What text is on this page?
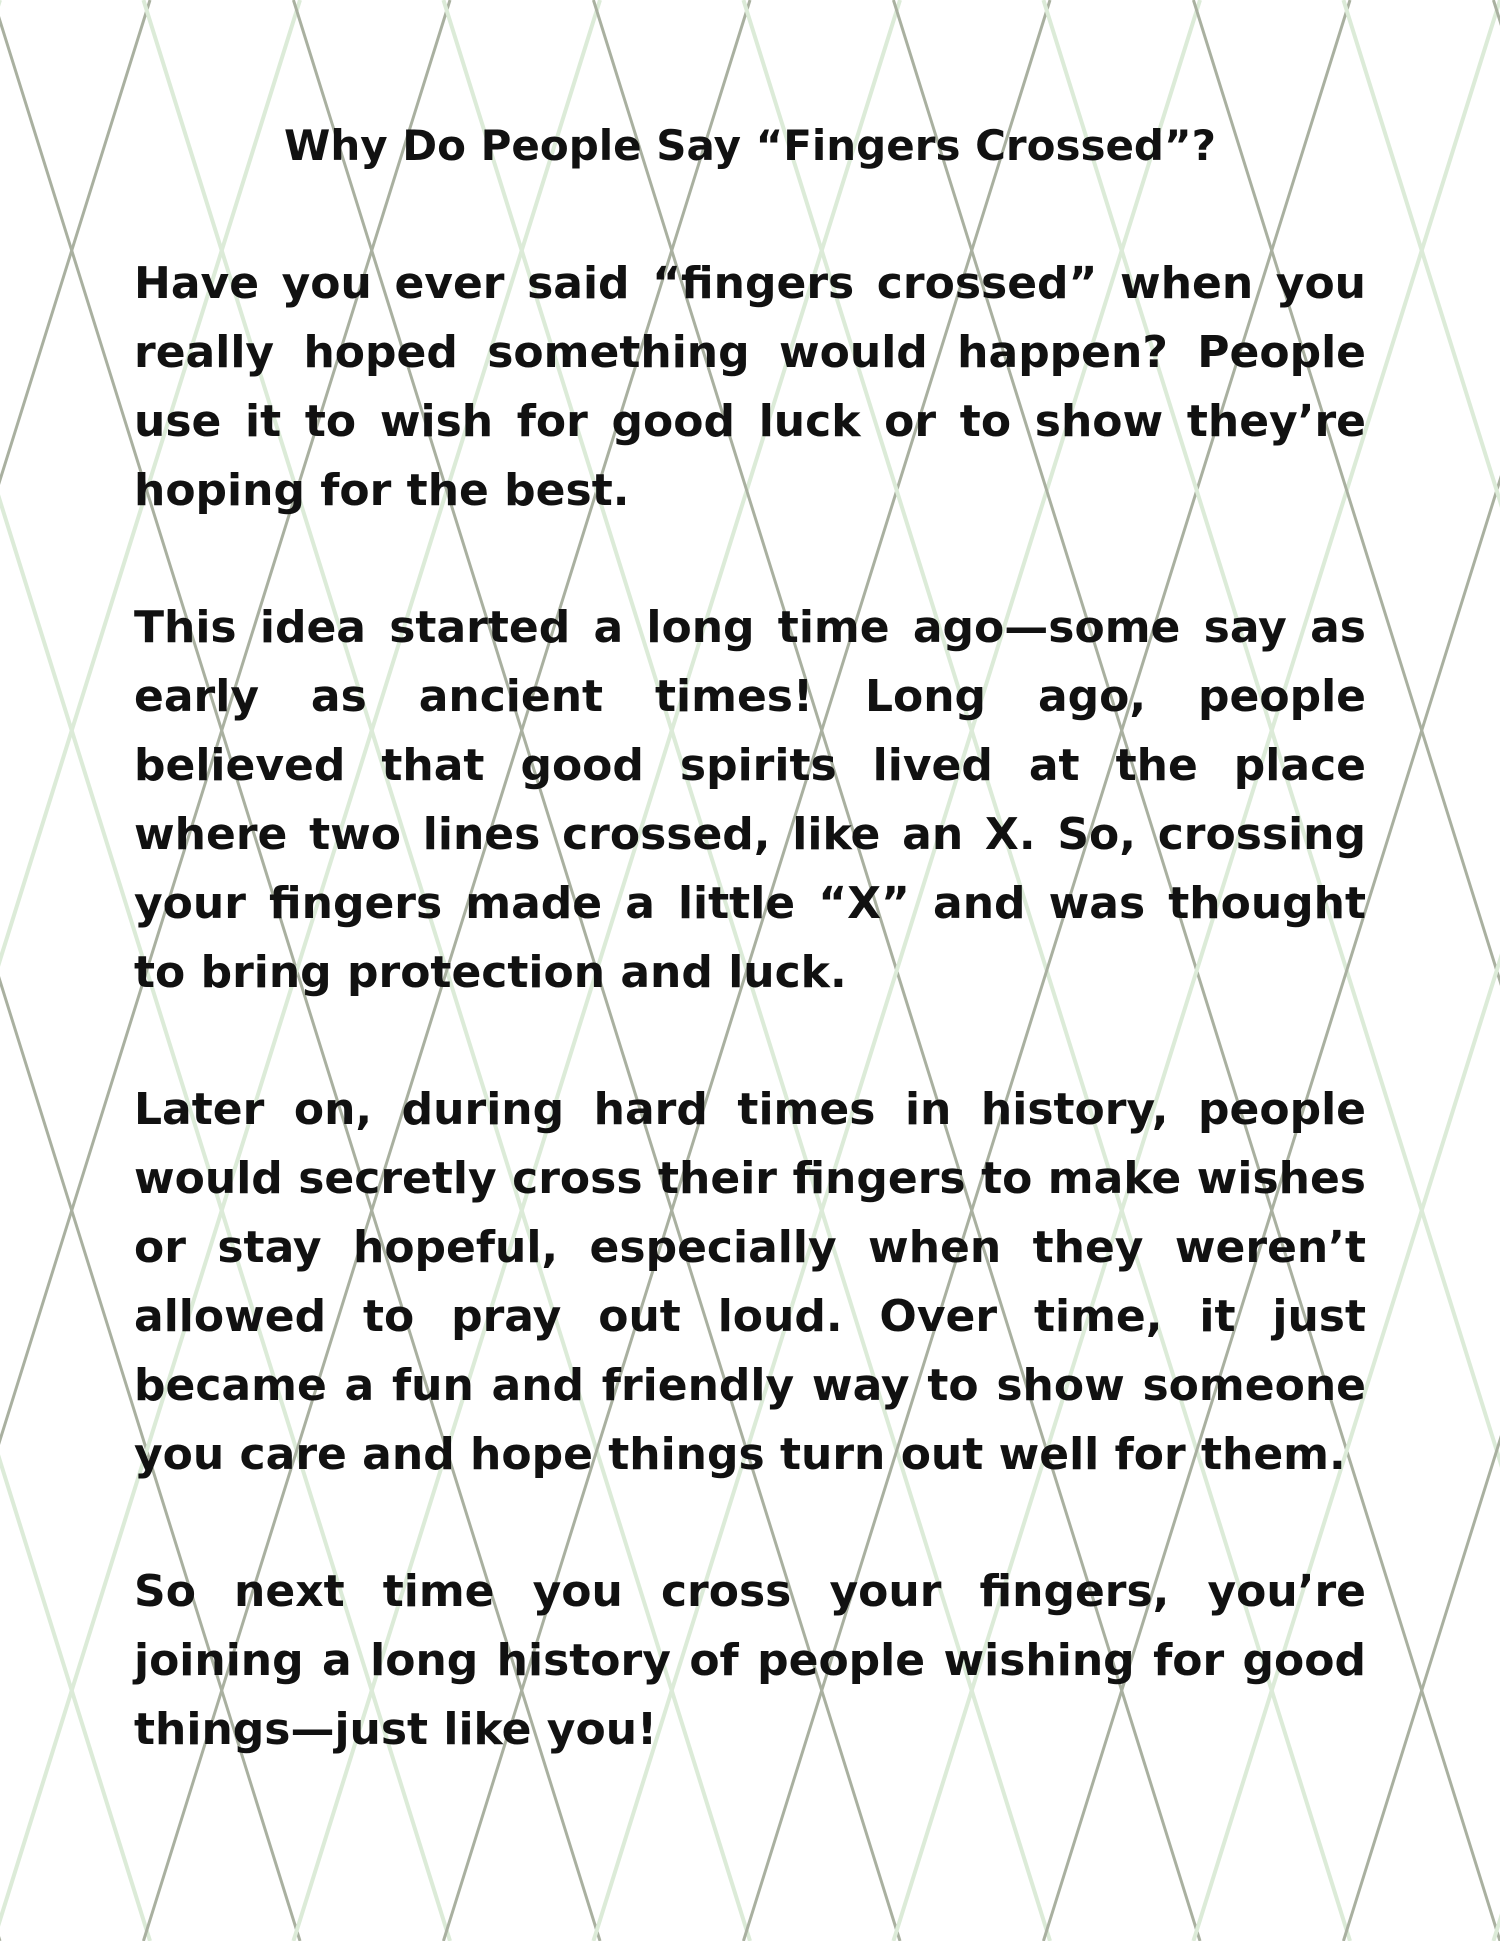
Why Do People Say “Fingers Crossed”?

Have you ever said “fingers crossed” when you really hoped something would happen? People use it to wish for good luck or to show they’re hoping for the best.

This idea started a long time ago—some say as early as ancient times! Long ago, people believed that good spirits lived at the place where two lines crossed, like an X. So, crossing your fingers made a little “X” and was thought to bring protection and luck.

Later on, during hard times in history, people would secretly cross their fingers to make wishes or stay hopeful, especially when they weren’t allowed to pray out loud. Over time, it just became a fun and friendly way to show someone you care and hope things turn out well for them.

So next time you cross your fingers, you’re joining a long history of people wishing for good things—just like you!
